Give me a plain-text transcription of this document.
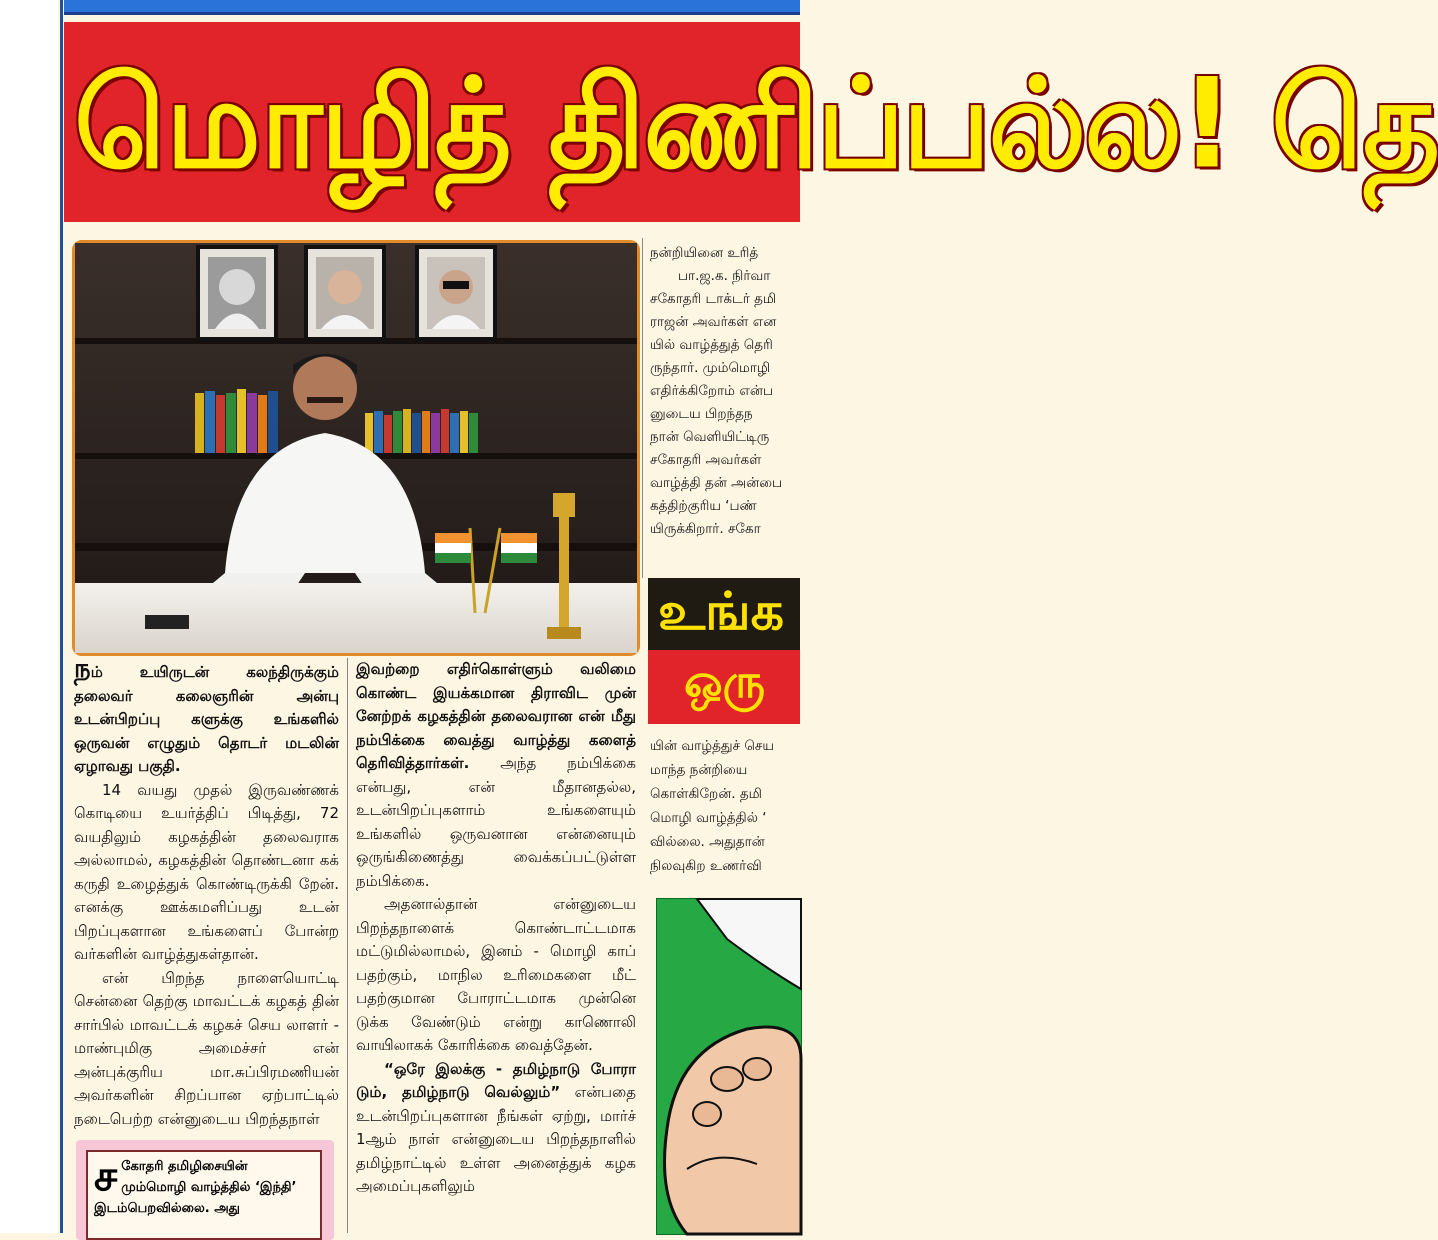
மொழித் திணிப்பல்ல! தெ

நம் உயிருடன் கலந்திருக்கும் தலைவர் கலைஞரின் அன்பு உடன்பிறப்பு களுக்கு உங்களில் ஒருவன் எழுதும் தொடர் மடலின் ஏழாவது பகுதி.

14 வயது முதல் இருவண்ணக் கொடியை உயர்த்திப் பிடித்து, 72 வயதிலும் கழகத்தின் தலைவராக அல்லாமல், கழகத்தின் தொண்டனா கக் கருதி உழைத்துக் கொண்டிருக்கி றேன். எனக்கு ஊக்கமளிப்பது உடன் பிறப்புகளான உங்களைப் போன்ற வர்களின் வாழ்த்துகள்தான்.

என் பிறந்த நாளையொட்டி சென்னை தெற்கு மாவட்டக் கழகத் தின் சார்பில் மாவட்டக் கழகச் செய லாளர் - மாண்புமிகு அமைச்சர் என் அன்புக்குரிய மா.சுப்பிரமணியன் அவர்களின் சிறப்பான ஏற்பாட்டில் நடைபெற்ற என்னுடைய பிறந்தநாள்

இவற்றை எதிர்கொள்ளும் வலிமை கொண்ட இயக்கமான திராவிட முன் னேற்றக் கழகத்தின் தலைவரான என் மீது நம்பிக்கை வைத்து வாழ்த்து களைத் தெரிவித்தார்கள். அந்த நம்பிக்கை என்பது, என் மீதானதல்ல, உடன்பிறப்புகளாம் உங்களையும் உங்களில் ஒருவனான என்னையும் ஒருங்கிணைத்து வைக்கப்பட்டுள்ள நம்பிக்கை.

அதனால்தான் என்னுடைய பிறந்தநாளைக் கொண்டாட்டமாக மட்டுமில்லாமல், இனம் - மொழி காப் பதற்கும், மாநில உரிமைகளை மீட் பதற்குமான போராட்டமாக முன்னெ டுக்க வேண்டும் என்று காணொலி வாயிலாகக் கோரிக்கை வைத்தேன்.

“ஒரே இலக்கு - தமிழ்நாடு போரா டும், தமிழ்நாடு வெல்லும்” என்பதை உடன்பிறப்புகளான நீங்கள் ஏற்று, மார்ச் 1ஆம் நாள் என்னுடைய பிறந்தநாளில் தமிழ்நாட்டில் உள்ள அனைத்துக் கழக அமைப்புகளிலும்

சகோதரி தமிழிசையின் மும்மொழி வாழ்த்தில் ‘இந்தி’ இடம்பெறவில்லை. அது

நன்றியினை உரித்

பா.ஜ.க. நிர்வா

சகோதரி டாக்டர் தமி

ராஜன் அவர்கள் என

யில் வாழ்த்துத் தெரி

ருந்தார். மும்மொழி

எதிர்க்கிறோம் என்ப

னுடைய பிறந்தந

நான் வெளியிட்டிரு

சகோதரி அவர்கள்

வாழ்த்தி தன் அன்பை

கத்திற்குரிய ‘பண்

யிருக்கிறார். சகோ

உங்க
ஒரு

யின் வாழ்த்துச் செய

மாந்த நன்றியை

கொள்கிறேன். தமி

மொழி வாழ்த்தில் ‘

வில்லை. அதுதான்

நிலவுகிற உணர்வி
